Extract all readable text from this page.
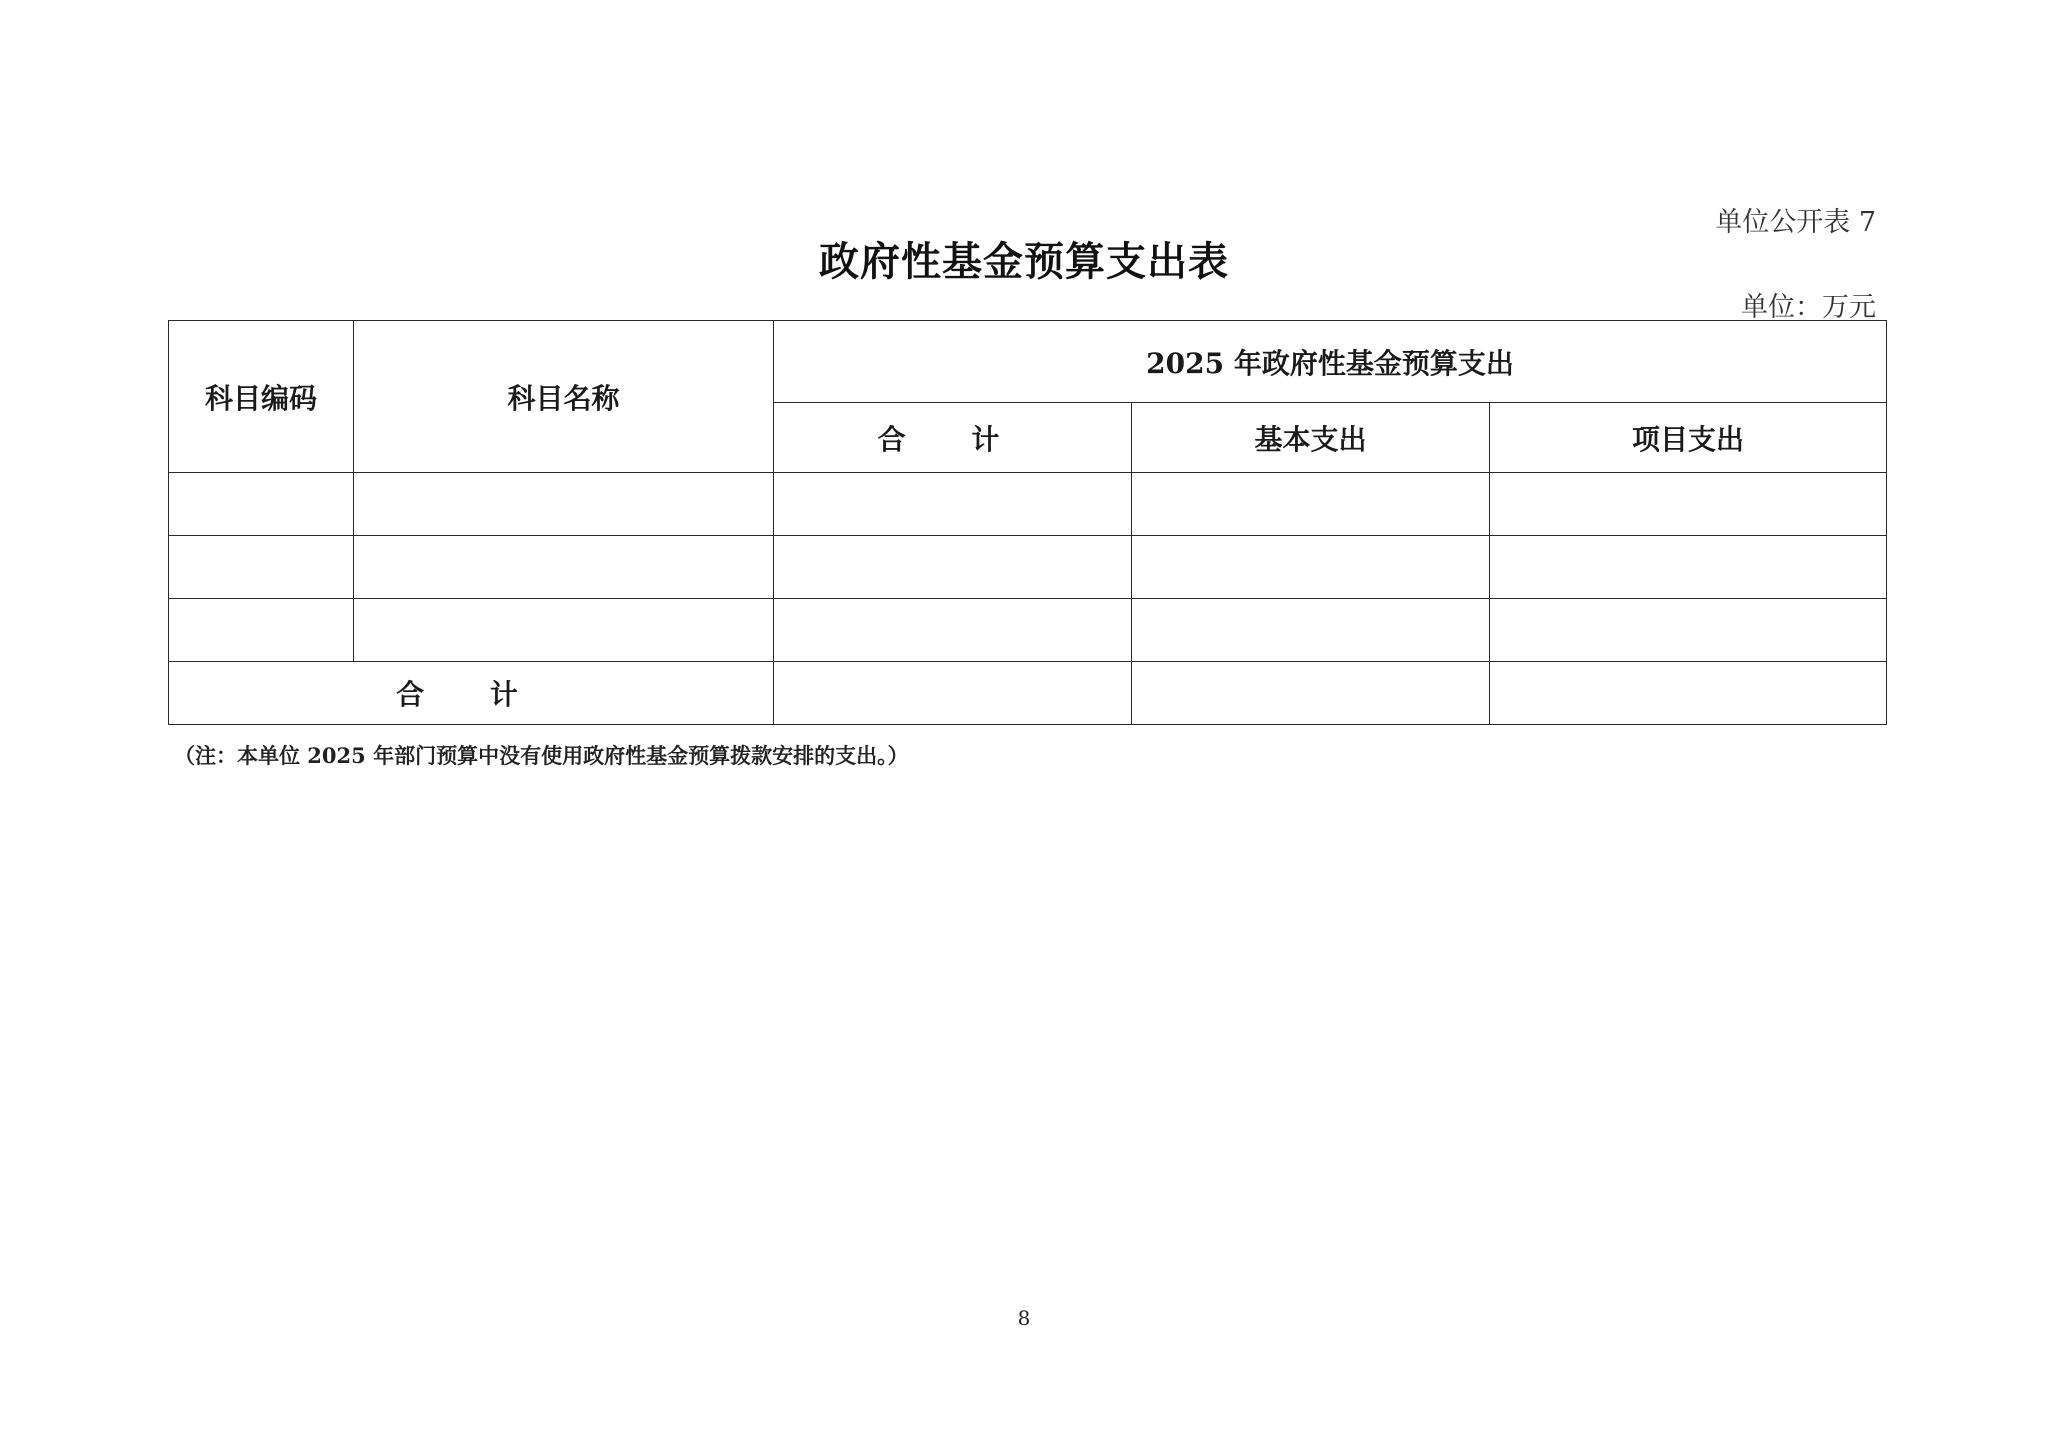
单位公开表 7
政府性基金预算支出表
单位：万元
科目编码	科目名称	2025 年政府性基金预算支出		
		合 计	基本支出	项目支出

合 计				
（注：本单位 2025 年部门预算中没有使用政府性基金预算拨款安排的支出。）
8
